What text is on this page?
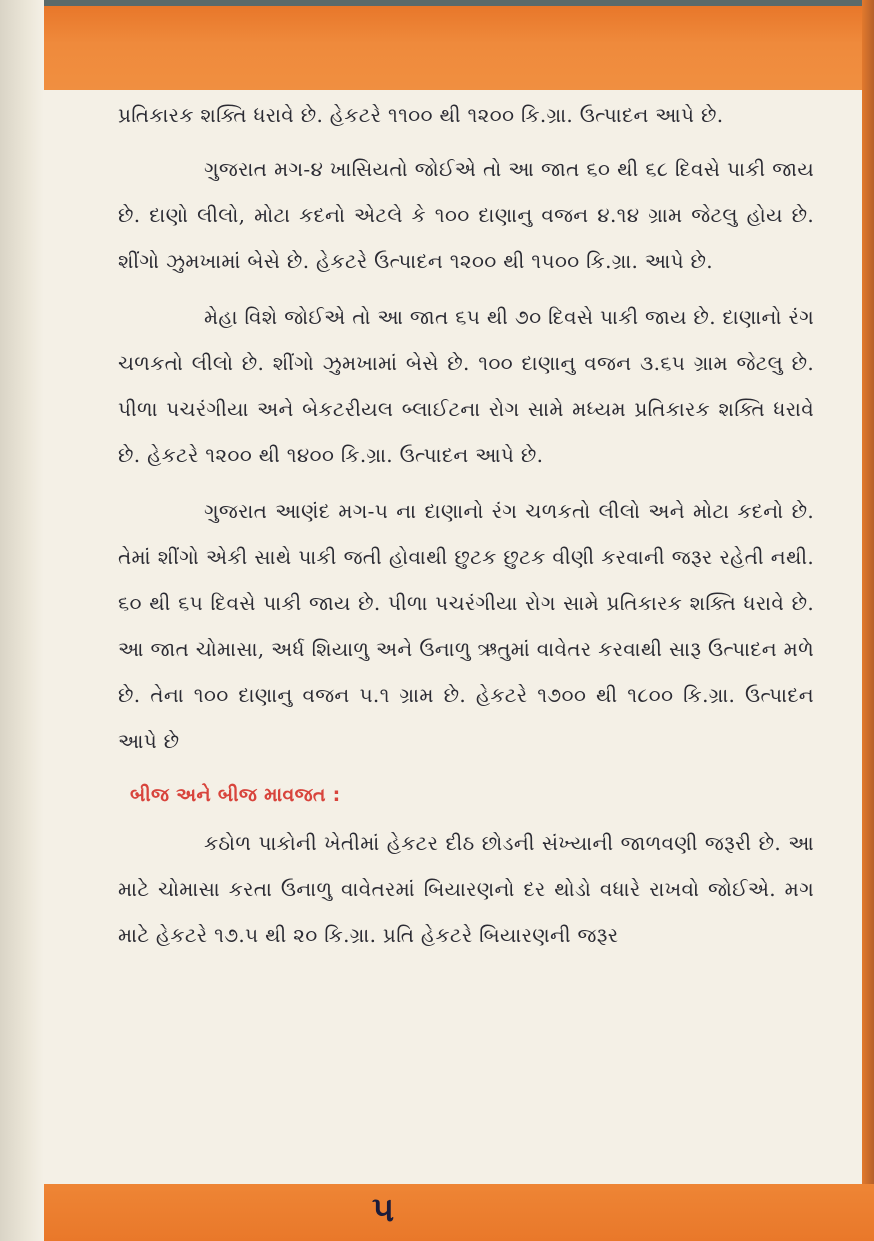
પ્રતિકારક શક્તિ ધરાવે છે. હેકટરે ૧૧૦૦ થી ૧૨૦૦ કિ.ગ્રા. ઉત્પાદન આપે છે.

ગુજરાત મગ-૪ ખાસિયતો જોઈએ તો આ જાત ૬૦ થી ૬૮ દિવસે પાકી જાય છે. દાણો લીલો, મોટા કદનો એટલે કે ૧૦૦ દાણાનુ વજન ૪.૧૪ ગ્રામ જેટલુ હોય છે. શીંગો ઝુમખામાં બેસે છે. હેકટરે ઉત્પાદન ૧૨૦૦ થી ૧૫૦૦ કિ.ગ્રા. આપે છે.

મેહા વિશે જોઈએ તો આ જાત ૬૫ થી ૭૦ દિવસે પાકી જાય છે. દાણાનો રંગ ચળકતો લીલો છે. શીંગો ઝુમખામાં બેસે છે. ૧૦૦ દાણાનુ વજન ૩.૬૫ ગ્રામ જેટલુ છે. પીળા પચરંગીયા અને બેકટરીયલ બ્લાઈટના રોગ સામે મધ્યમ પ્રતિકારક શક્તિ ધરાવે છે. હેકટરે ૧૨૦૦ થી ૧૪૦૦ કિ.ગ્રા. ઉત્પાદન આપે છે.

ગુજરાત આણંદ મગ-૫ ના દાણાનો રંગ ચળકતો લીલો અને મોટા કદનો છે. તેમાં શીંગો એકી સાથે પાકી જતી હોવાથી છુટક છુટક વીણી કરવાની જરૂર રહેતી નથી. ૬૦ થી ૬૫ દિવસે પાકી જાય છે. પીળા પચરંગીયા રોગ સામે પ્રતિકારક શક્તિ ધરાવે છે. આ જાત ચોમાસા, અર્ધ શિયાળુ અને ઉનાળુ ઋતુમાં વાવેતર કરવાથી સારૂ ઉત્પાદન મળે છે. તેના ૧૦૦ દાણાનુ વજન ૫.૧ ગ્રામ છે. હેકટરે ૧૭૦૦ થી ૧૮૦૦ કિ.ગ્રા. ઉત્પાદન આપે છે

બીજ અને બીજ માવજત :

કઠોળ પાકોની ખેતીમાં હેકટર દીઠ છોડની સંખ્યાની જાળવણી જરૂરી છે. આ માટે ચોમાસા કરતા ઉનાળુ વાવેતરમાં બિયારણનો દર થોડો વધારે રાખવો જોઈએ. મગ માટે હેકટરે ૧૭.૫ થી ૨૦ કિ.ગ્રા. પ્રતિ હેકટરે બિયારણની જરૂર

૫
